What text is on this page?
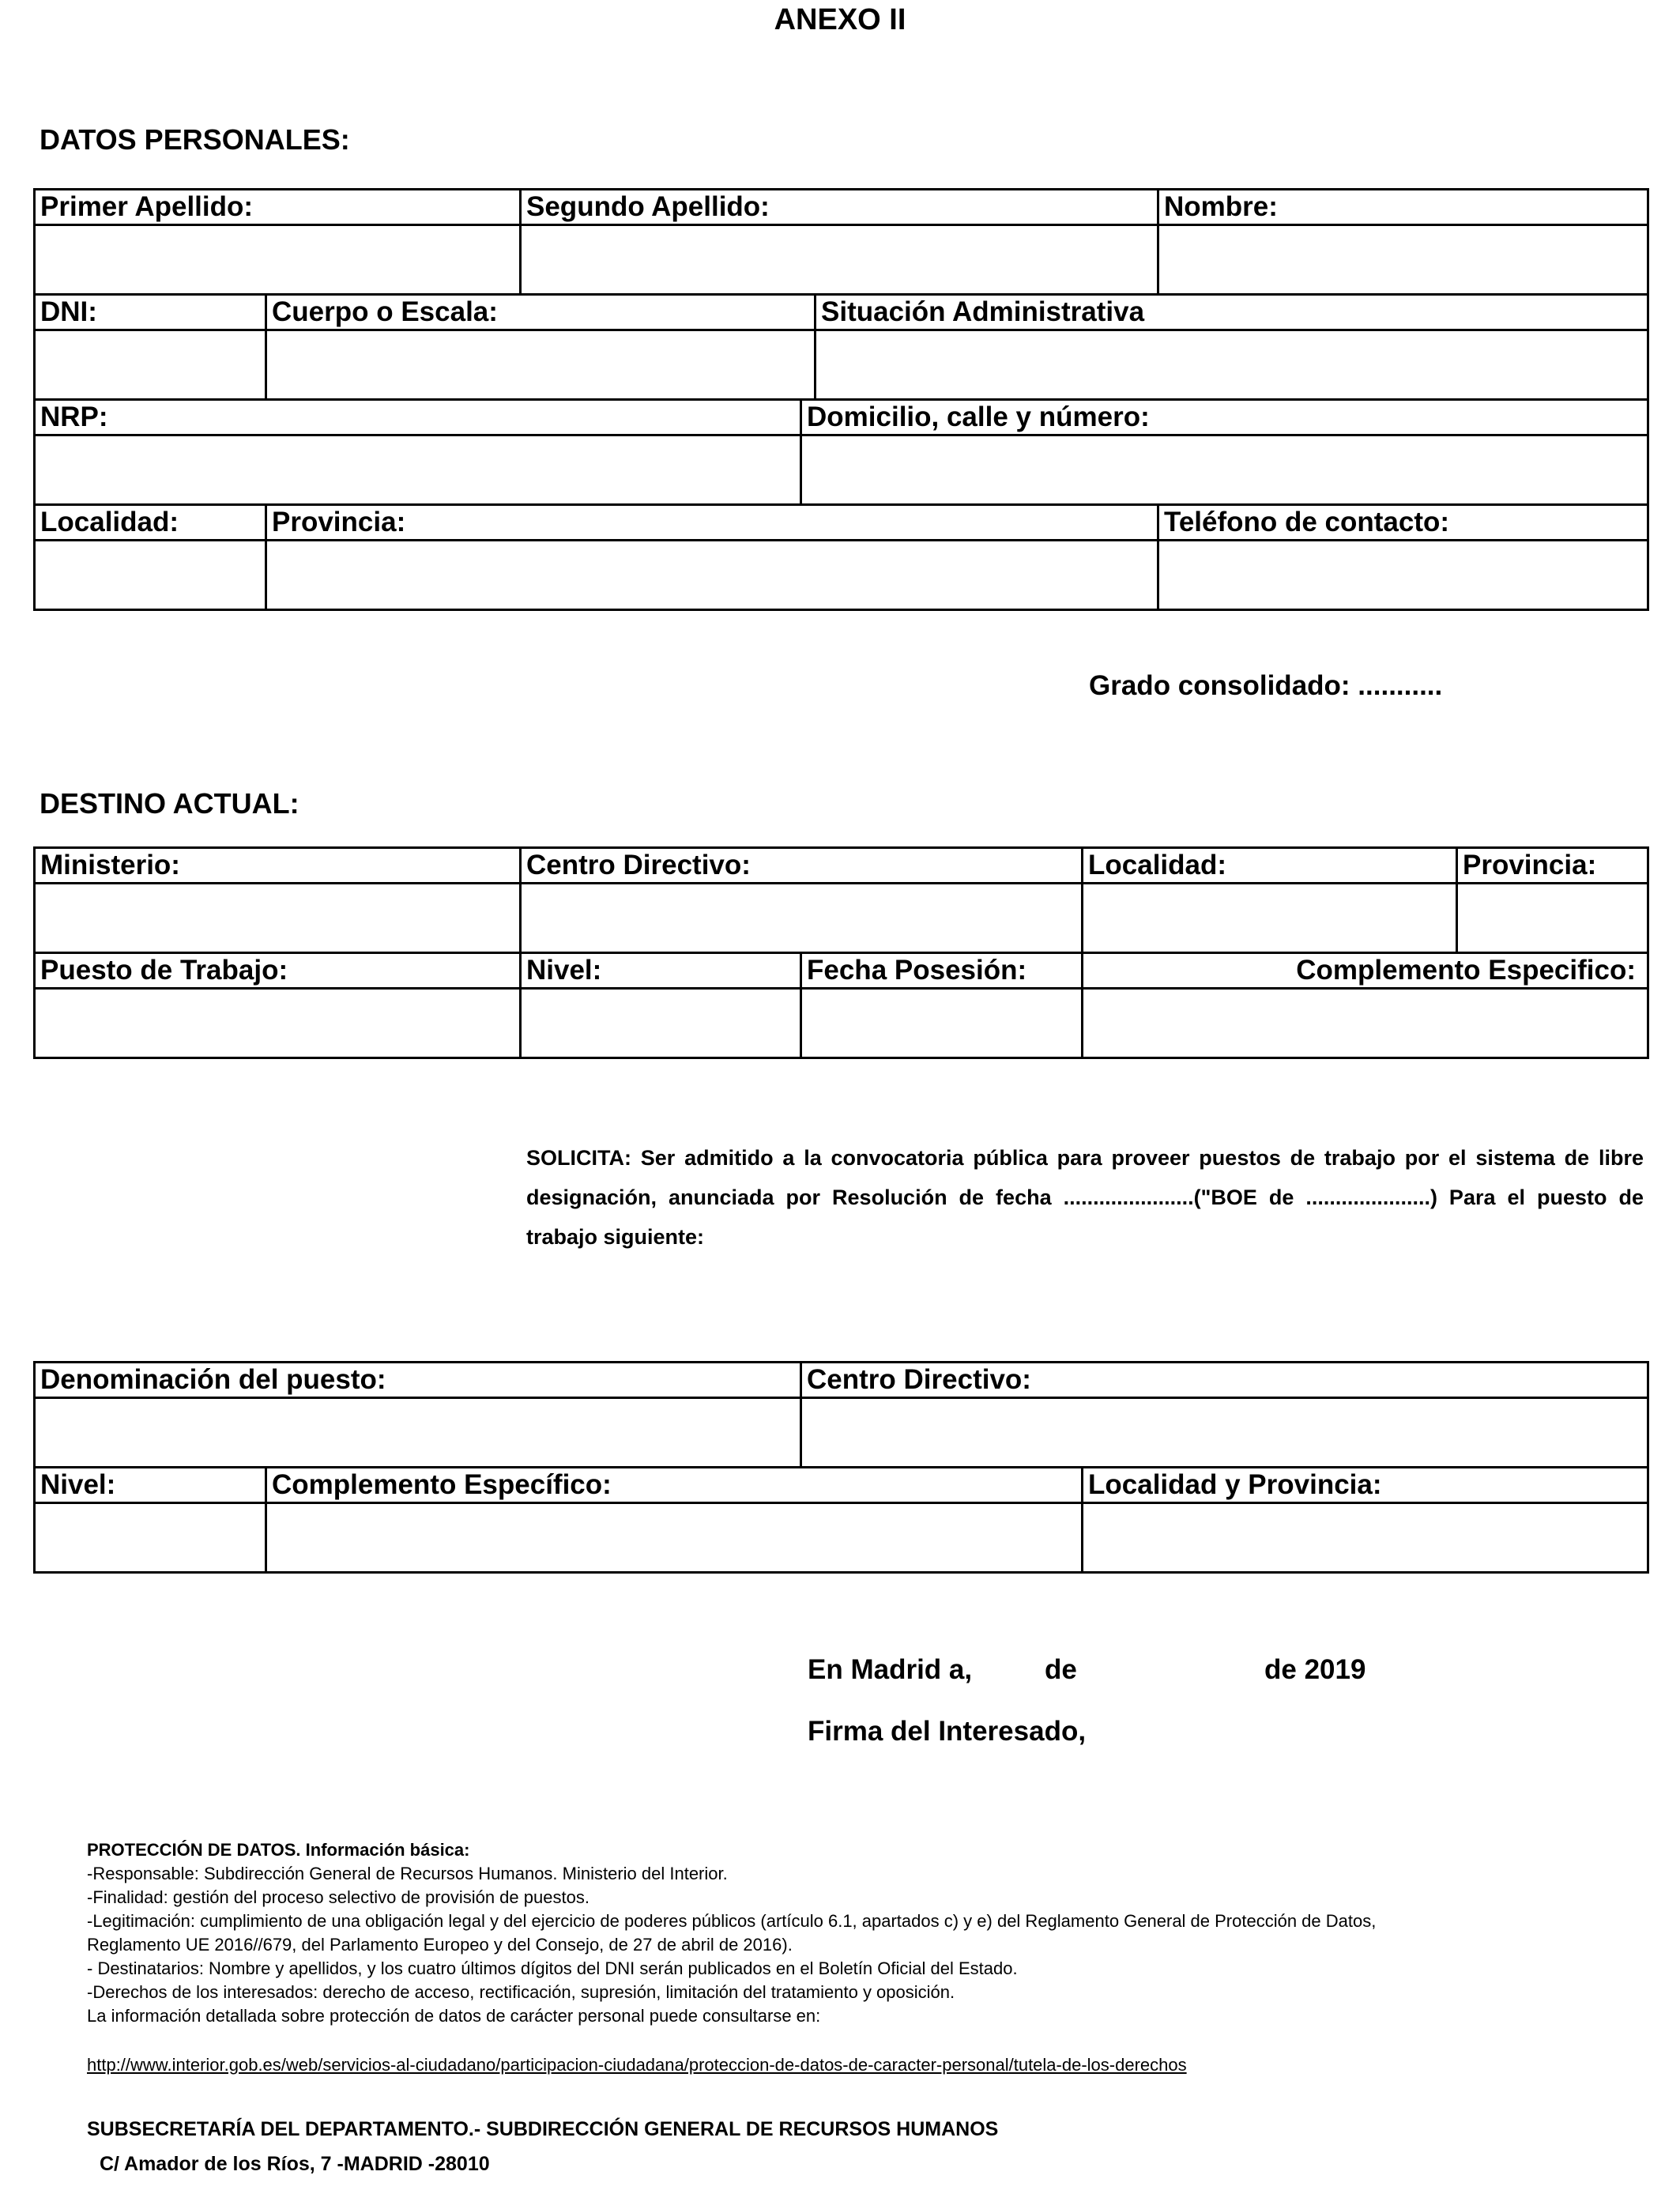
ANEXO II
DATOS PERSONALES:
Primer Apellido:		Segundo Apellido:			Nombre:

DNI:	Cuerpo o Escala:			Situación Administrativa	

NRP:			Domicilio, calle y número:		

Localidad:	Provincia:				Teléfono de contacto:

Grado consolidado: ...........
DESTINO ACTUAL:
Ministerio:	Centro Directivo:		Localidad:	Provincia:

Puesto de Trabajo:	Nivel:	Fecha Posesión:	Complemento Especifico:	

SOLICITA: Ser admitido a la convocatoria pública para proveer puestos de trabajo por el sistema de libre designación, anunciada por Resolución de fecha ......................("BOE de .....................) Para el puesto de trabajo siguiente:
Denominación del puesto:		Centro Directivo:	

Nivel:	Complemento Específico:		Localidad y Provincia:

En Madrid a,	de	de 2019
Firma del Interesado,
PROTECCIÓN DE DATOS. Información básica:
-Responsable: Subdirección General de Recursos Humanos. Ministerio del Interior.
-Finalidad: gestión del proceso selectivo de provisión de puestos.
-Legitimación: cumplimiento de una obligación legal y del ejercicio de poderes públicos (artículo 6.1, apartados c) y e) del Reglamento General de Protección de Datos,
Reglamento UE 2016//679, del Parlamento Europeo y del Consejo, de 27 de abril de 2016).
- Destinatarios: Nombre y apellidos, y los cuatro últimos dígitos del DNI serán publicados en el Boletín Oficial del Estado.
-Derechos de los interesados: derecho de acceso, rectificación, supresión, limitación del tratamiento y oposición.
La información detallada sobre protección de datos de carácter personal puede consultarse en:
http://www.interior.gob.es/web/servicios-al-ciudadano/participacion-ciudadana/proteccion-de-datos-de-caracter-personal/tutela-de-los-derechos
SUBSECRETARÍA DEL DEPARTAMENTO.- SUBDIRECCIÓN GENERAL DE RECURSOS HUMANOS
C/ Amador de los Ríos, 7 -MADRID -28010
